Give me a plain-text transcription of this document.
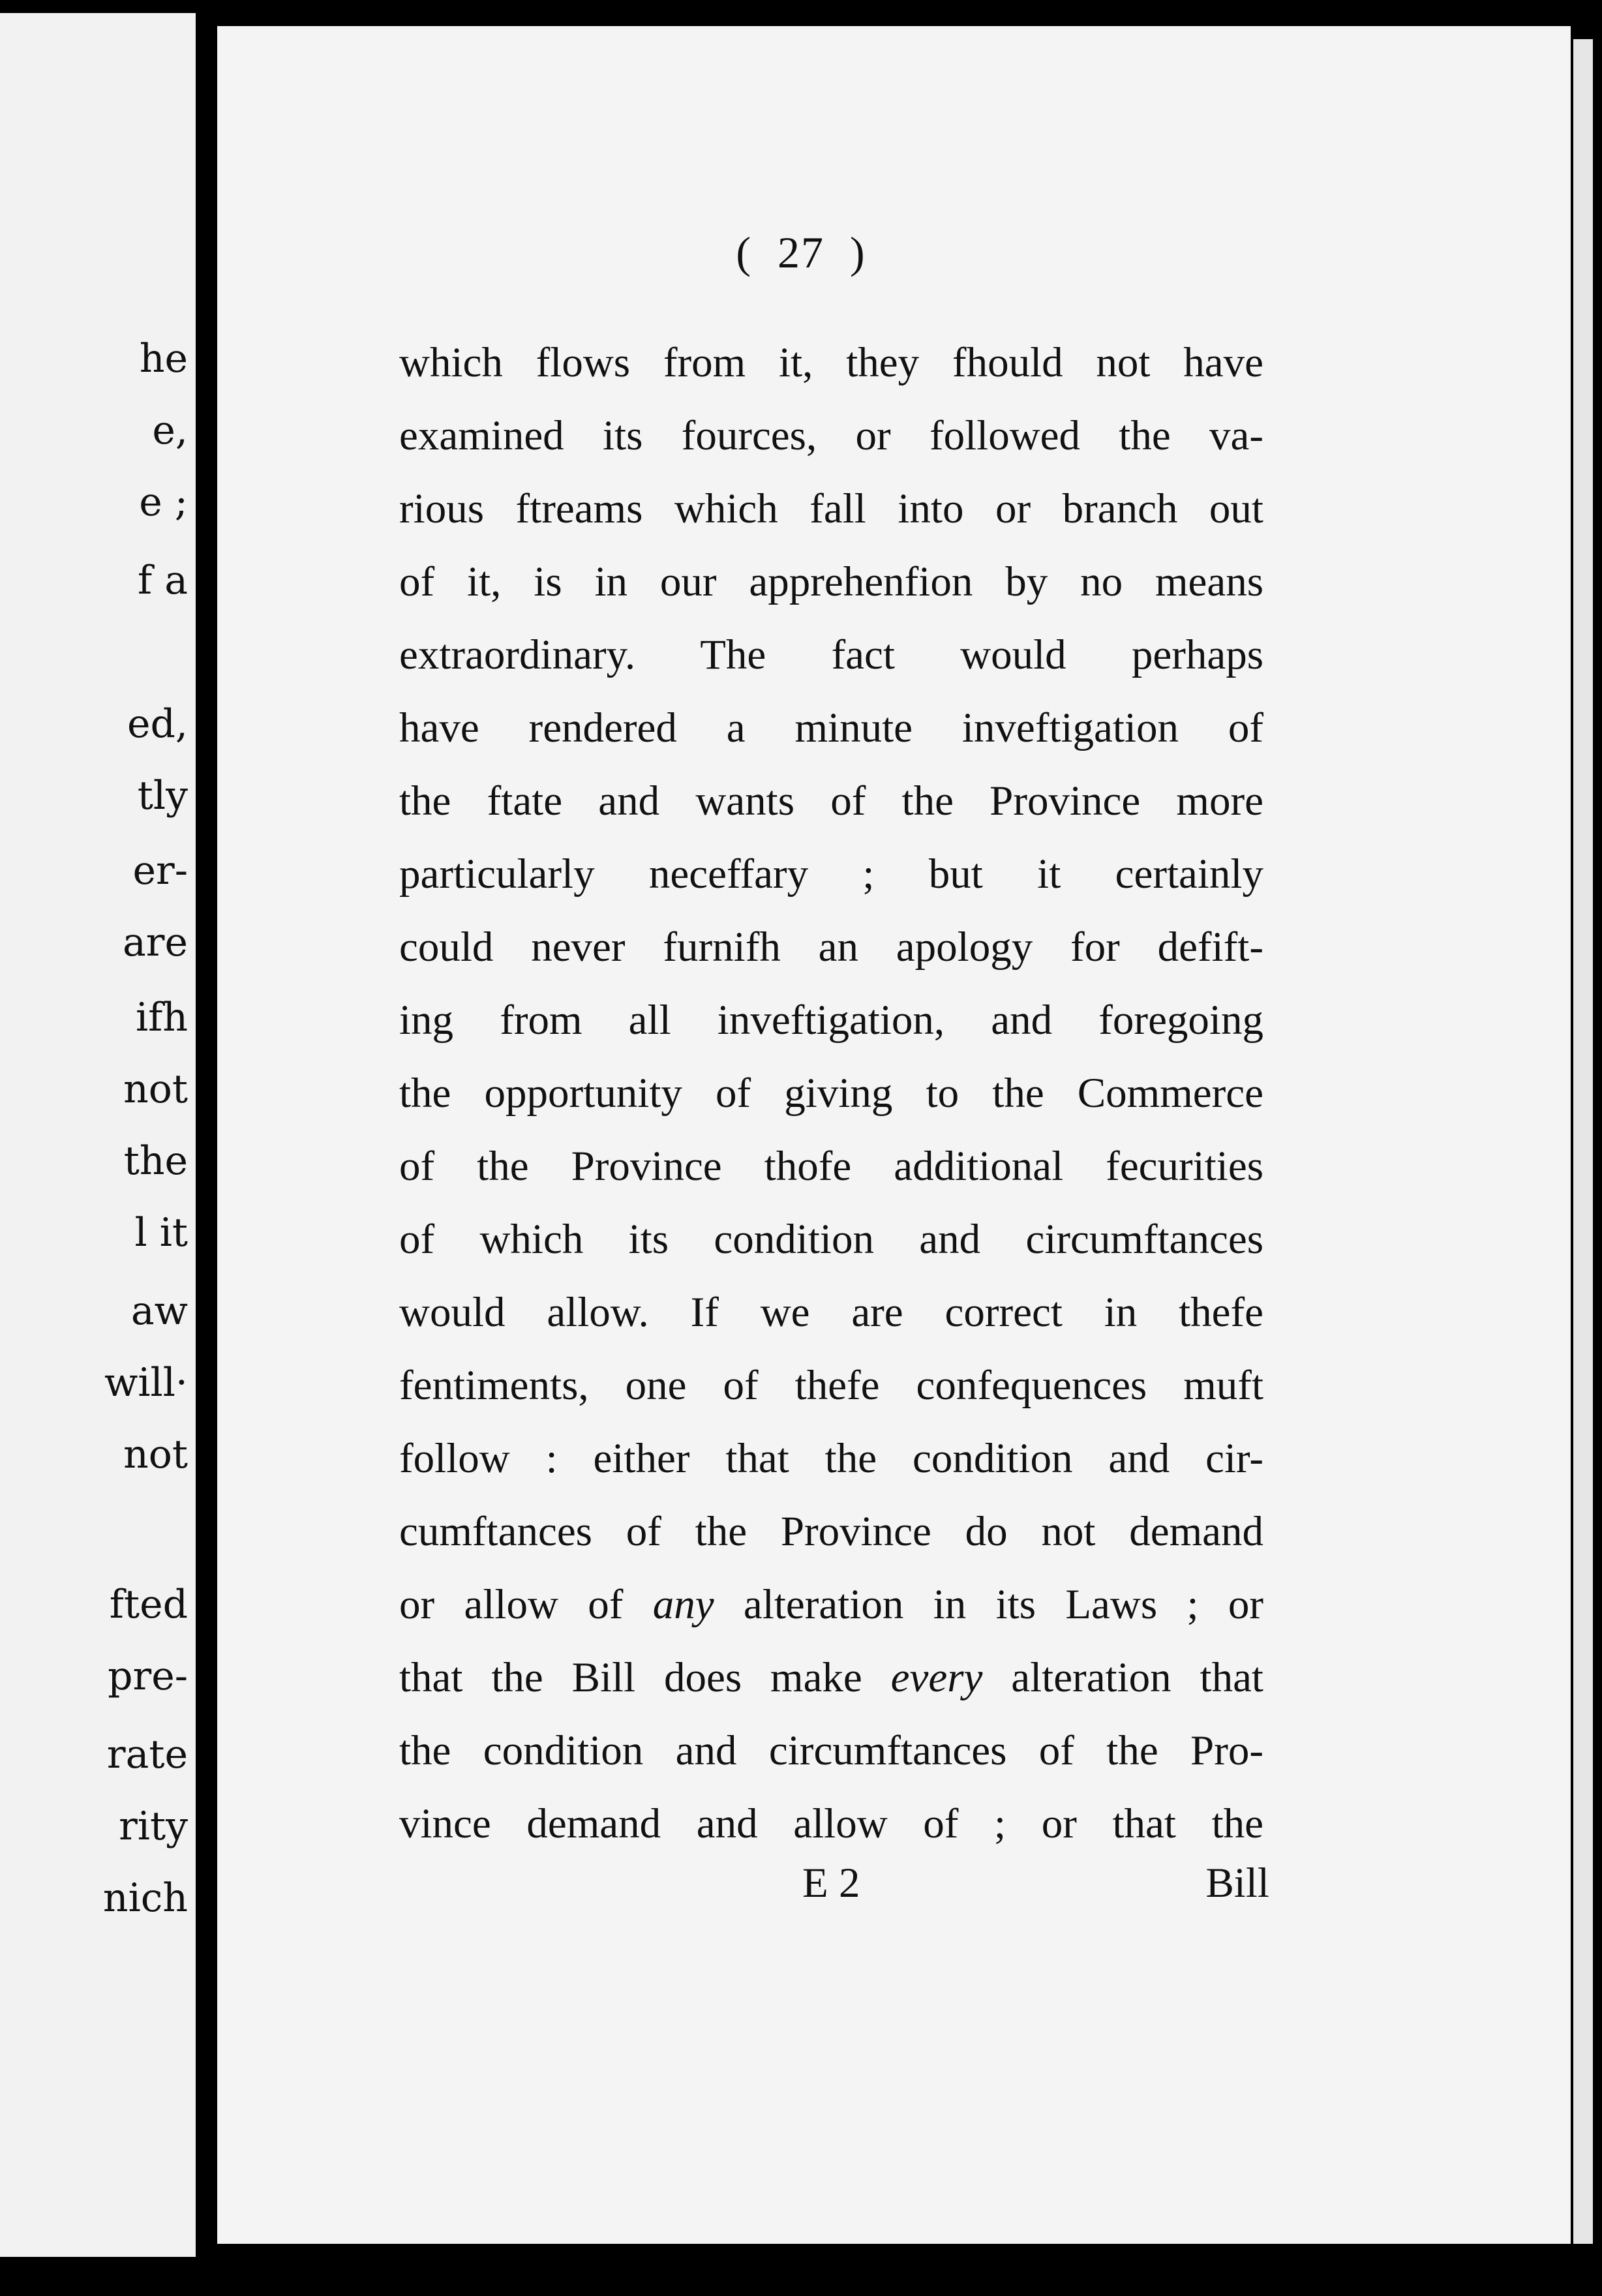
he
e,
e ;
f a
ed,
tly
er-
are
ifh
not
the
l it
aw
will·
not
fted
pre-
rate
rity
nich
( 27 )
which flows from it, they fhould not have
examined its fources, or followed the va-
rious ftreams which fall into or branch out
of it, is in our apprehenfion by no means
extraordinary. The fact would perhaps
have rendered a minute inveftigation of
the ftate and wants of the Province more
particularly neceffary ; but it certainly
could never furnifh an apology for defift-
ing from all inveftigation, and foregoing
the opportunity of giving to the Commerce
of the Province thofe additional fecurities
of which its condition and circumftances
would allow. If we are correct in thefe
fentiments, one of thefe confequences muft
follow : either that the condition and cir-
cumftances of the Province do not demand
or allow of any alteration in its Laws ; or
that the Bill does make every alteration that
the condition and circumftances of the Pro-
vince demand and allow of ; or that the
E 2	Bill
